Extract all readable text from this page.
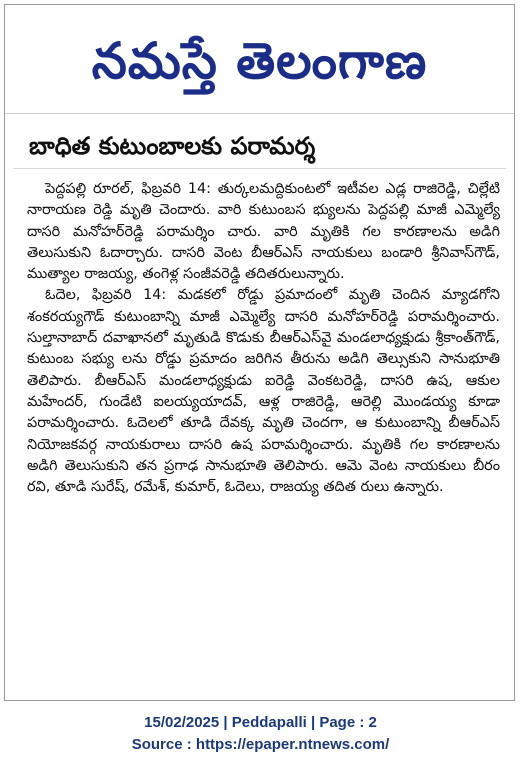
నమస్తే తెలంగాణ
బాధిత కుటుంబాలకు పరామర్శ

పెద్దపల్లి రూరల్, ఫిబ్రవరి 14: తుర్కలమద్దికుంటలో ఇటీవల ఎడ్ల రాజిరెడ్డి, చిల్లేటి నారాయణ రెడ్డి మృతి చెందారు. వారి కుటుంబస భ్యులను పెద్దపల్లి మాజీ ఎమ్మెల్యే దాసరి మనోహర్‌రెడ్డి పరామర్శిం చారు. వారి మృతికి గల కారణాలను అడిగి తెలుసుకుని ఓదార్చారు. దాసరి వెంట బీఆర్ఎస్ నాయకులు బండారి శ్రీనివాస్‌గౌడ్, ముత్యాల రాజయ్య, తంగెళ్ల సంజీవరెడ్డి తదితరులున్నారు.

ఓదెల, ఫిబ్రవరి 14: మడకలో రోడ్డు ప్రమాదంలో మృతి చెందిన మ్యాడగోని శంకరయ్యగౌడ్ కుటుంబాన్ని మాజీ ఎమ్మెల్యే దాసరి మనోహర్‌రెడ్డి పరామర్శించారు. సుల్తానాబాద్ దవాఖానలో మృతుడి కొడుకు బీఆర్ఎస్‌వై మండలాధ్యక్షుడు శ్రీకాంత్‌గౌడ్, కుటుంబ సభ్యు లను రోడ్డు ప్రమాదం జరిగిన తీరును అడిగి తెల్సుకుని సానుభూతి తెలిపారు. బీఆర్ఎస్ మండలాధ్యక్షుడు ఐరెడ్డి వెంకటరెడ్డి, దాసరి ఉష, ఆకుల మహేందర్, గుండేటి ఐలయ్యయాదవ్, ఆళ్ల రాజిరెడ్డి, ఆరెల్లి మొండయ్య కూడా పరామర్శించారు. ఓదెలలో తూడి దేవక్క మృతి చెందగా, ఆ కుటుంబాన్ని బీఆర్ఎస్ నియోజకవర్గ నాయకురాలు దాసరి ఉష పరామర్శించారు. మృతికి గల కారణాలను అడిగి తెలుసుకుని తన ప్రగాఢ సానుభూతి తెలిపారు. ఆమె వెంట నాయకులు బీరం రవి, తూడి సురేష్, రమేశ్, కుమార్, ఓదెలు, రాజయ్య తదిత రులు ఉన్నారు.

15/02/2025 | Peddapalli | Page : 2
Source : https://epaper.ntnews.com/
